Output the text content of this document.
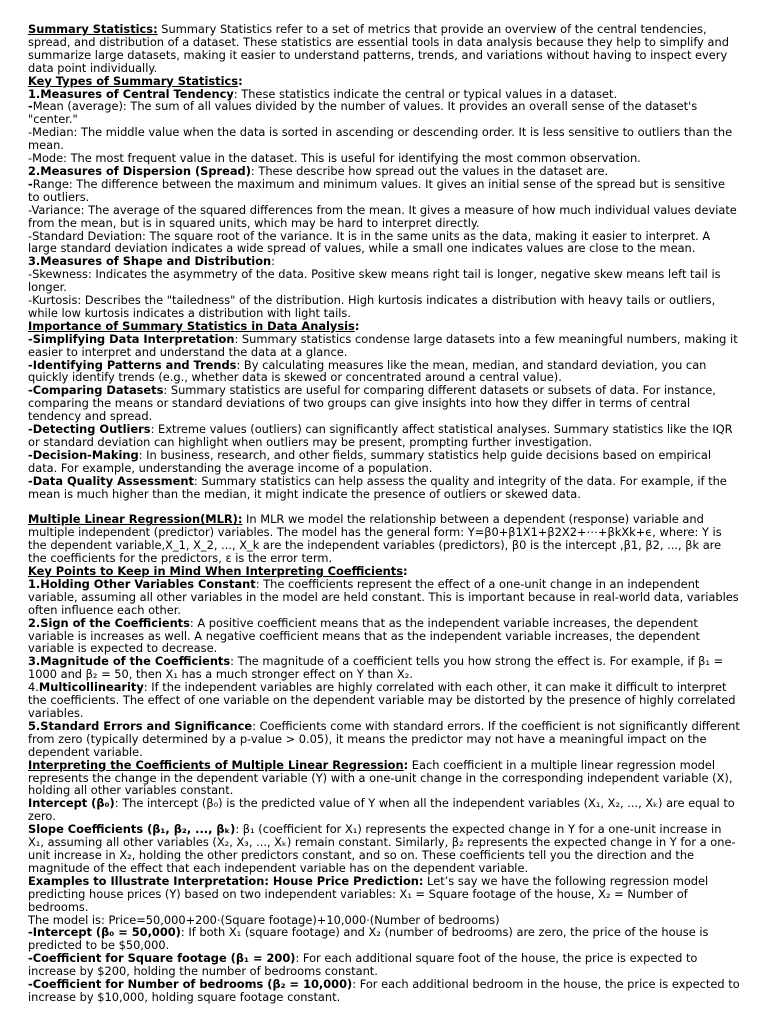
Summary Statistics: Summary Statistics refer to a set of metrics that provide an overview of the central tendencies, spread, and distribution of a dataset. These statistics are essential tools in data analysis because they help to simplify and summarize large datasets, making it easier to understand patterns, trends, and variations without having to inspect every data point individually.

Key Types of Summary Statistics:

1.Measures of Central Tendency: These statistics indicate the central or typical values in a dataset.

-Mean (average): The sum of all values divided by the number of values. It provides an overall sense of the dataset's "center."

-Median: The middle value when the data is sorted in ascending or descending order. It is less sensitive to outliers than the mean.

-Mode: The most frequent value in the dataset. This is useful for identifying the most common observation.

2.Measures of Dispersion (Spread): These describe how spread out the values in the dataset are.

-Range: The difference between the maximum and minimum values. It gives an initial sense of the spread but is sensitive to outliers.

-Variance: The average of the squared differences from the mean. It gives a measure of how much individual values deviate from the mean, but is in squared units, which may be hard to interpret directly.

-Standard Deviation: The square root of the variance. It is in the same units as the data, making it easier to interpret. A large standard deviation indicates a wide spread of values, while a small one indicates values are close to the mean.

3.Measures of Shape and Distribution:

-Skewness: Indicates the asymmetry of the data. Positive skew means right tail is longer, negative skew means left tail is longer.

-Kurtosis: Describes the "tailedness" of the distribution. High kurtosis indicates a distribution with heavy tails or outliers, while low kurtosis indicates a distribution with light tails.

Importance of Summary Statistics in Data Analysis:

-Simplifying Data Interpretation: Summary statistics condense large datasets into a few meaningful numbers, making it easier to interpret and understand the data at a glance.

-Identifying Patterns and Trends: By calculating measures like the mean, median, and standard deviation, you can quickly identify trends (e.g., whether data is skewed or concentrated around a central value).

-Comparing Datasets: Summary statistics are useful for comparing different datasets or subsets of data. For instance, comparing the means or standard deviations of two groups can give insights into how they differ in terms of central tendency and spread.

-Detecting Outliers: Extreme values (outliers) can significantly affect statistical analyses. Summary statistics like the IQR or standard deviation can highlight when outliers may be present, prompting further investigation.

-Decision-Making: In business, research, and other fields, summary statistics help guide decisions based on empirical data. For example, understanding the average income of a population.

-Data Quality Assessment: Summary statistics can help assess the quality and integrity of the data. For example, if the mean is much higher than the median, it might indicate the presence of outliers or skewed data.

Multiple Linear Regression(MLR): In MLR we model the relationship between a dependent (response) variable and multiple independent (predictor) variables. The model has the general form: Y=β0+β1X1+β2X2+⋯+βkXk+ϵ, where: Y is the dependent variable,X_1, X_2, ..., X_k are the independent variables (predictors), β0 is the intercept ,β1, β2, ..., βk are the coefficients for the predictors, ε is the error term.

Key Points to Keep in Mind When Interpreting Coefficients:

1.Holding Other Variables Constant: The coefficients represent the effect of a one-unit change in an independent variable, assuming all other variables in the model are held constant. This is important because in real-world data, variables often influence each other.

2.Sign of the Coefficients: A positive coefficient means that as the independent variable increases, the dependent variable is increases as well. A negative coefficient means that as the independent variable increases, the dependent variable is expected to decrease.

3.Magnitude of the Coefficients: The magnitude of a coefficient tells you how strong the effect is. For example, if β₁ = 1000 and β₂ = 50, then X₁ has a much stronger effect on Y than X₂.

4.Multicollinearity: If the independent variables are highly correlated with each other, it can make it difficult to interpret the coefficients. The effect of one variable on the dependent variable may be distorted by the presence of highly correlated variables.

5.Standard Errors and Significance: Coefficients come with standard errors. If the coefficient is not significantly different from zero (typically determined by a p-value > 0.05), it means the predictor may not have a meaningful impact on the dependent variable.

Interpreting the Coefficients of Multiple Linear Regression: Each coefficient in a multiple linear regression model represents the change in the dependent variable (Y) with a one-unit change in the corresponding independent variable (X), holding all other variables constant.

Intercept (β₀): The intercept (β₀) is the predicted value of Y when all the independent variables (X₁, X₂, ..., Xₖ) are equal to zero.

Slope Coefficients (β₁, β₂, ..., βₖ): β₁ (coefficient for X₁) represents the expected change in Y for a one-unit increase in X₁, assuming all other variables (X₂, X₃, ..., Xₖ) remain constant. Similarly, β₂ represents the expected change in Y for a one-unit increase in X₂, holding the other predictors constant, and so on. These coefficients tell you the direction and the magnitude of the effect that each independent variable has on the dependent variable.

Examples to Illustrate Interpretation: House Price Prediction: Let’s say we have the following regression model predicting house prices (Y) based on two independent variables: X₁ = Square footage of the house, X₂ = Number of bedrooms.

The model is: Price=50,000+200⋅(Square footage)+10,000⋅(Number of bedrooms)

-Intercept (β₀ = 50,000): If both X₁ (square footage) and X₂ (number of bedrooms) are zero, the price of the house is predicted to be $50,000.

-Coefficient for Square footage (β₁ = 200): For each additional square foot of the house, the price is expected to increase by $200, holding the number of bedrooms constant.

-Coefficient for Number of bedrooms (β₂ = 10,000): For each additional bedroom in the house, the price is expected to increase by $10,000, holding square footage constant.
